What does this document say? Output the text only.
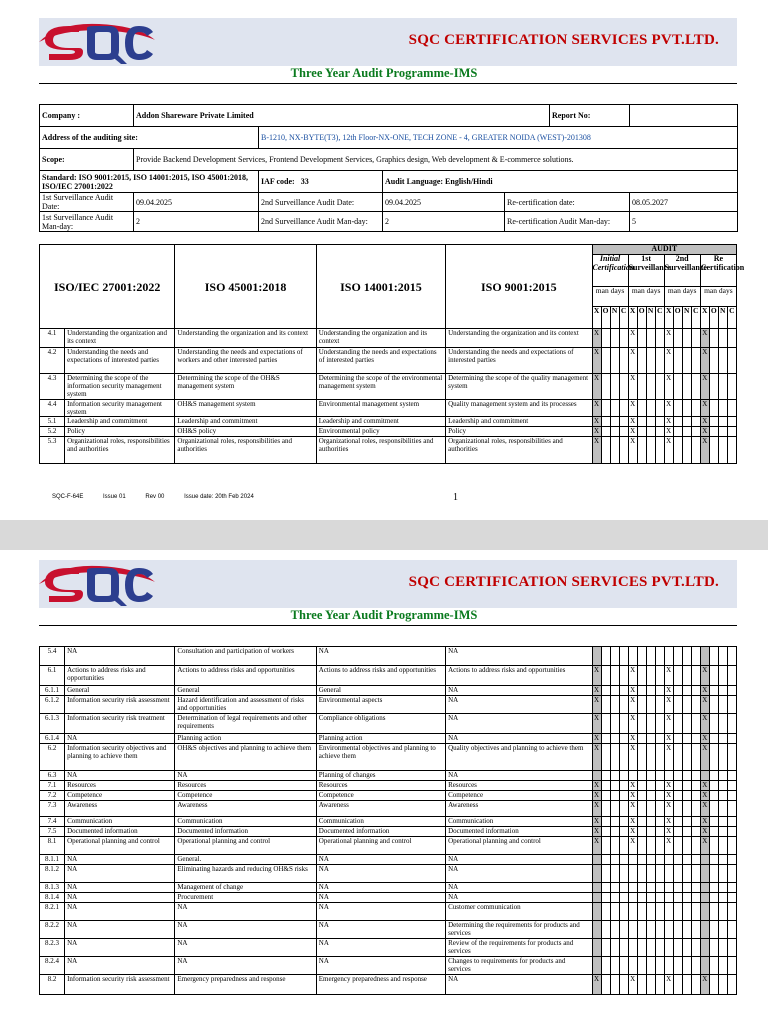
SQC CERTIFICATION SERVICES PVT.LTD.
Three Year Audit Programme-IMS
Company :	Addon Shareware Private Limited				Report No:	
Address of the auditing site:		B-1210, NX-BYTE(T3), 12th Floor-NX-ONE, TECH ZONE - 4, GREATER NOIDA (WEST)-201308				
Scope:	Provide Backend Development Services, Frontend Development Services, Graphics design, Web development & E-commerce solutions.					
Standard: ISO 9001:2015, ISO 14001:2015, ISO 45001:2018, ISO/IEC 27001:2022		IAF code: 33	Audit Language: English/Hindi			
1st Surveillance Audit Date:	09.04.2025	2nd Surveillance Audit Date:	09.04.2025	Re-certification date:		08.05.2027
1st Surveillance Audit Man-day:	2	2nd Surveillance Audit Man-day:	2	Re-certification Audit Man-day:		5
ISO/IEC 27001:2022		ISO 45001:2018	ISO 14001:2015	ISO 9001:2015	AUDIT															
					Initial Certification				1st Surveillance				2nd Surveillance				Re Certification			
					man days				man days				man days				man days			
					X	O	N	C	X	O	N	C	X	O	N	C	X	O	N	C
4.1	Understanding the organization and its context	Understanding the organization and its context	Understanding the organization and its context	Understanding the organization and its context	X				X				X				X			
4.2	Understanding the needs and expectations of interested parties	Understanding the needs and expectations of workers and other interested parties	Understanding the needs and expectations of interested parties	Understanding the needs and expectations of interested parties	X				X				X				X			
4.3	Determining the scope of the information security management system	Determining the scope of the OH&S management system	Determining the scope of the environmental management system	Determining the scope of the quality management system	X				X				X				X			
4.4	Information security management system	OH&S management system	Environmental management system	Quality management system and its processes	X				X				X				X			
5.1	Leadership and commitment	Leadership and commitment	Leadership and commitment	Leadership and commitment	X				X				X				X			
5.2	Policy	OH&S policy	Environmental policy	Policy	X				X				X				X			
5.3	Organizational roles, responsibilities and authorities	Organizational roles, responsibilities and authorities	Organizational roles, responsibilities and authorities	Organizational roles, responsibilities and authorities	X				X				X				X			
SQC-F-64E	Issue 01	Rev 00	Issue date: 20th Feb 2024	1
SQC CERTIFICATION SERVICES PVT.LTD.
Three Year Audit Programme-IMS
5.4	NA	Consultation and participation of workers	NA	NA																
6.1	Actions to address risks and opportunities	Actions to address risks and opportunities	Actions to address risks and opportunities	Actions to address risks and opportunities	X				X				X				X			
6.1.1	General	General	General	NA	X				X				X				X			
6.1.2	Information security risk assessment	Hazard identification and assessment of risks and opportunities	Environmental aspects	NA	X				X				X				X			
6.1.3	Information security risk treatment	Determination of legal requirements and other requirements	Compliance obligations	NA	X				X				X				X			
6.1.4	NA	Planning action	Planning action	NA	X				X				X				X			
6.2	Information security objectives and planning to achieve them	OH&S objectives and planning to achieve them	Environmental objectives and planning to achieve them	Quality objectives and planning to achieve them	X				X				X				X			
6.3	NA	NA	Planning of changes	NA																
7.1	Resources	Resources	Resources	Resources	X				X				X				X			
7.2	Competence	Competence	Competence	Competence	X				X				X				X			
7.3	Awareness	Awareness	Awareness	Awareness	X				X				X				X			
7.4	Communication	Communication	Communication	Communication	X				X				X				X			
7.5	Documented information	Documented information	Documented information	Documented information	X				X				X				X			
8.1	Operational planning and control	Operational planning and control	Operational planning and control	Operational planning and control	X				X				X				X			
8.1.1	NA	General.	NA	NA																
8.1.2	NA	Eliminating hazards and reducing OH&S risks	NA	NA																
8.1.3	NA	Management of change	NA	NA																
8.1.4	NA	Procurement	NA	NA																
8.2.1	NA	NA	NA	Customer communication																
8.2.2	NA	NA	NA	Determining the requirements for products and services																
8.2.3	NA	NA	NA	Review of the requirements for products and services																
8.2.4	NA	NA	NA	Changes to requirements for products and services																
8.2	Information security risk assessment	Emergency preparedness and response	Emergency preparedness and response	NA	X				X				X				X			
